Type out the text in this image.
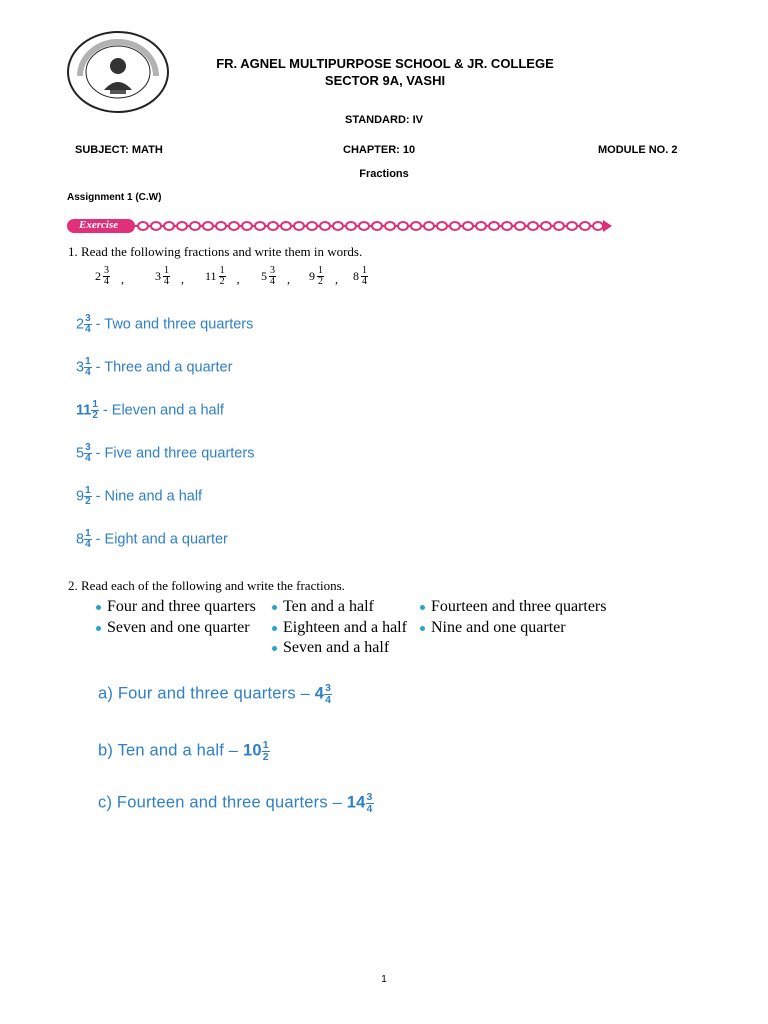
FR. AGNEL MULTIPURPOSE SCHOOL & JR. COLLEGE
SECTOR 9A, VASHI
STANDARD: IV
SUBJECT: MATH	CHAPTER: 10	MODULE NO. 2
Fractions
Assignment 1 (C.W)
Exercise
1. Read the following fractions and write them in words.
$2 \frac{3}{4}$ ,	$3 \frac{1}{4}$ , $11 \frac{1}{2}$ , $5 \frac{3}{4}$ , $9 \frac{1}{2}$ , $8 \frac{1}{4}$
$2 \frac{3}{4}$ - Two and three quarters
$3 \frac{1}{4}$ - Three and a quarter
$11 \frac{1}{2}$ - Eleven and a half
$5 \frac{3}{4}$ - Five and three quarters
$9 \frac{1}{2}$ - Nine and a half
$8 \frac{1}{4}$ - Eight and a quarter
2. Read each of the following and write the fractions.
Four and three quarters	Ten and a half	Fourteen and three quarters
Seven and one quarter	Eighteen and a half	Nine and one quarter
Seven and a half
a) Four and three quarters – $4 \frac{3}{4}$
b) Ten and a half – $10 \frac{1}{2}$
c) Fourteen and three quarters – $14 \frac{3}{4}$
1
